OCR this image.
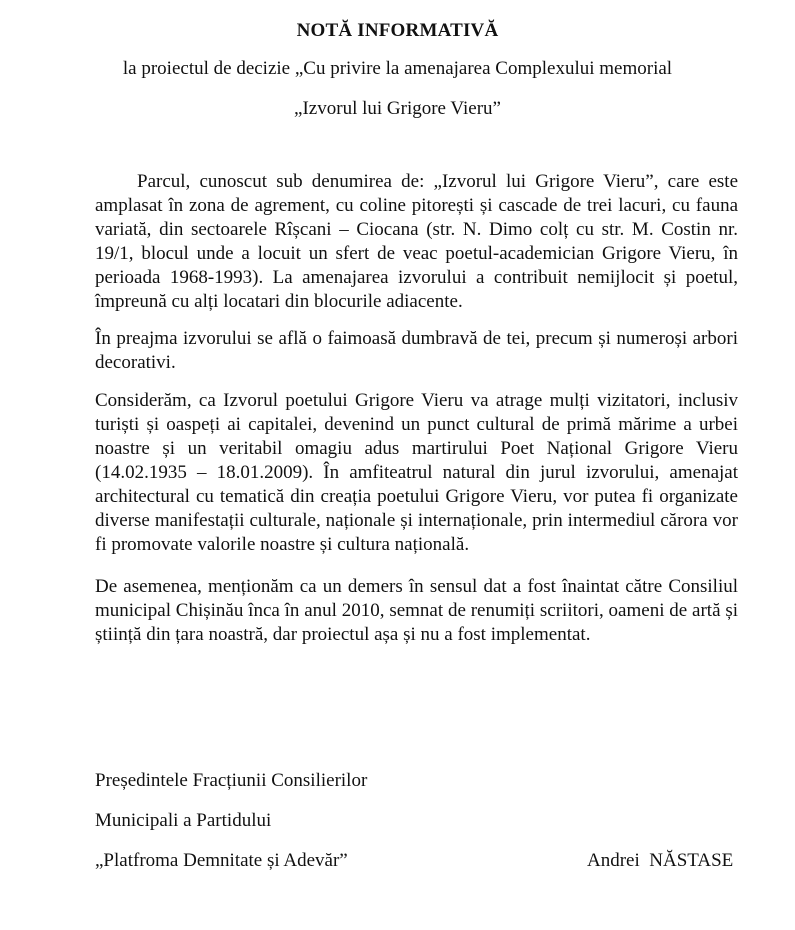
NOTĂ INFORMATIVĂ
la proiectul de decizie „Cu privire la amenajarea Complexului memorial
„Izvorul lui Grigore Vieru”
Parcul, cunoscut sub denumirea de: „Izvorul lui Grigore Vieru”, care este amplasat în zona de agrement, cu coline pitorești și cascade de trei lacuri, cu fauna variată, din sectoarele Rîșcani – Ciocana (str. N. Dimo colț cu str. M. Costin nr. 19/1, blocul unde a locuit un sfert de veac poetul-academician Grigore Vieru, în perioada 1968-1993). La amenajarea izvorului a contribuit nemijlocit și poetul, împreună cu alți locatari din blocurile adiacente.
În preajma izvorului se află o faimoasă dumbravă de tei, precum și numeroși arbori decorativi.
Considerăm, ca Izvorul poetului Grigore Vieru va atrage mulți vizitatori, inclusiv turiști și oaspeți ai capitalei, devenind un punct cultural de primă mărime a urbei noastre și un veritabil omagiu adus martirului Poet Național Grigore Vieru (14.02.1935 – 18.01.2009). În amfiteatrul natural din jurul izvorului, amenajat architectural cu tematică din creația poetului Grigore Vieru, vor putea fi organizate diverse manifestații culturale, naționale și internaționale, prin intermediul cărora vor fi promovate valorile noastre și cultura națională.
De asemenea, menționăm ca un demers în sensul dat a fost înaintat către Consiliul municipal Chișinău înca în anul 2010, semnat de renumiți scriitori, oameni de artă și știință din țara noastră, dar proiectul așa și nu a fost implementat.
Președintele Fracțiunii Consilierilor
Municipali a Partidului
„Platfroma Demnitate și Adevăr”	Andrei  NĂSTASE
